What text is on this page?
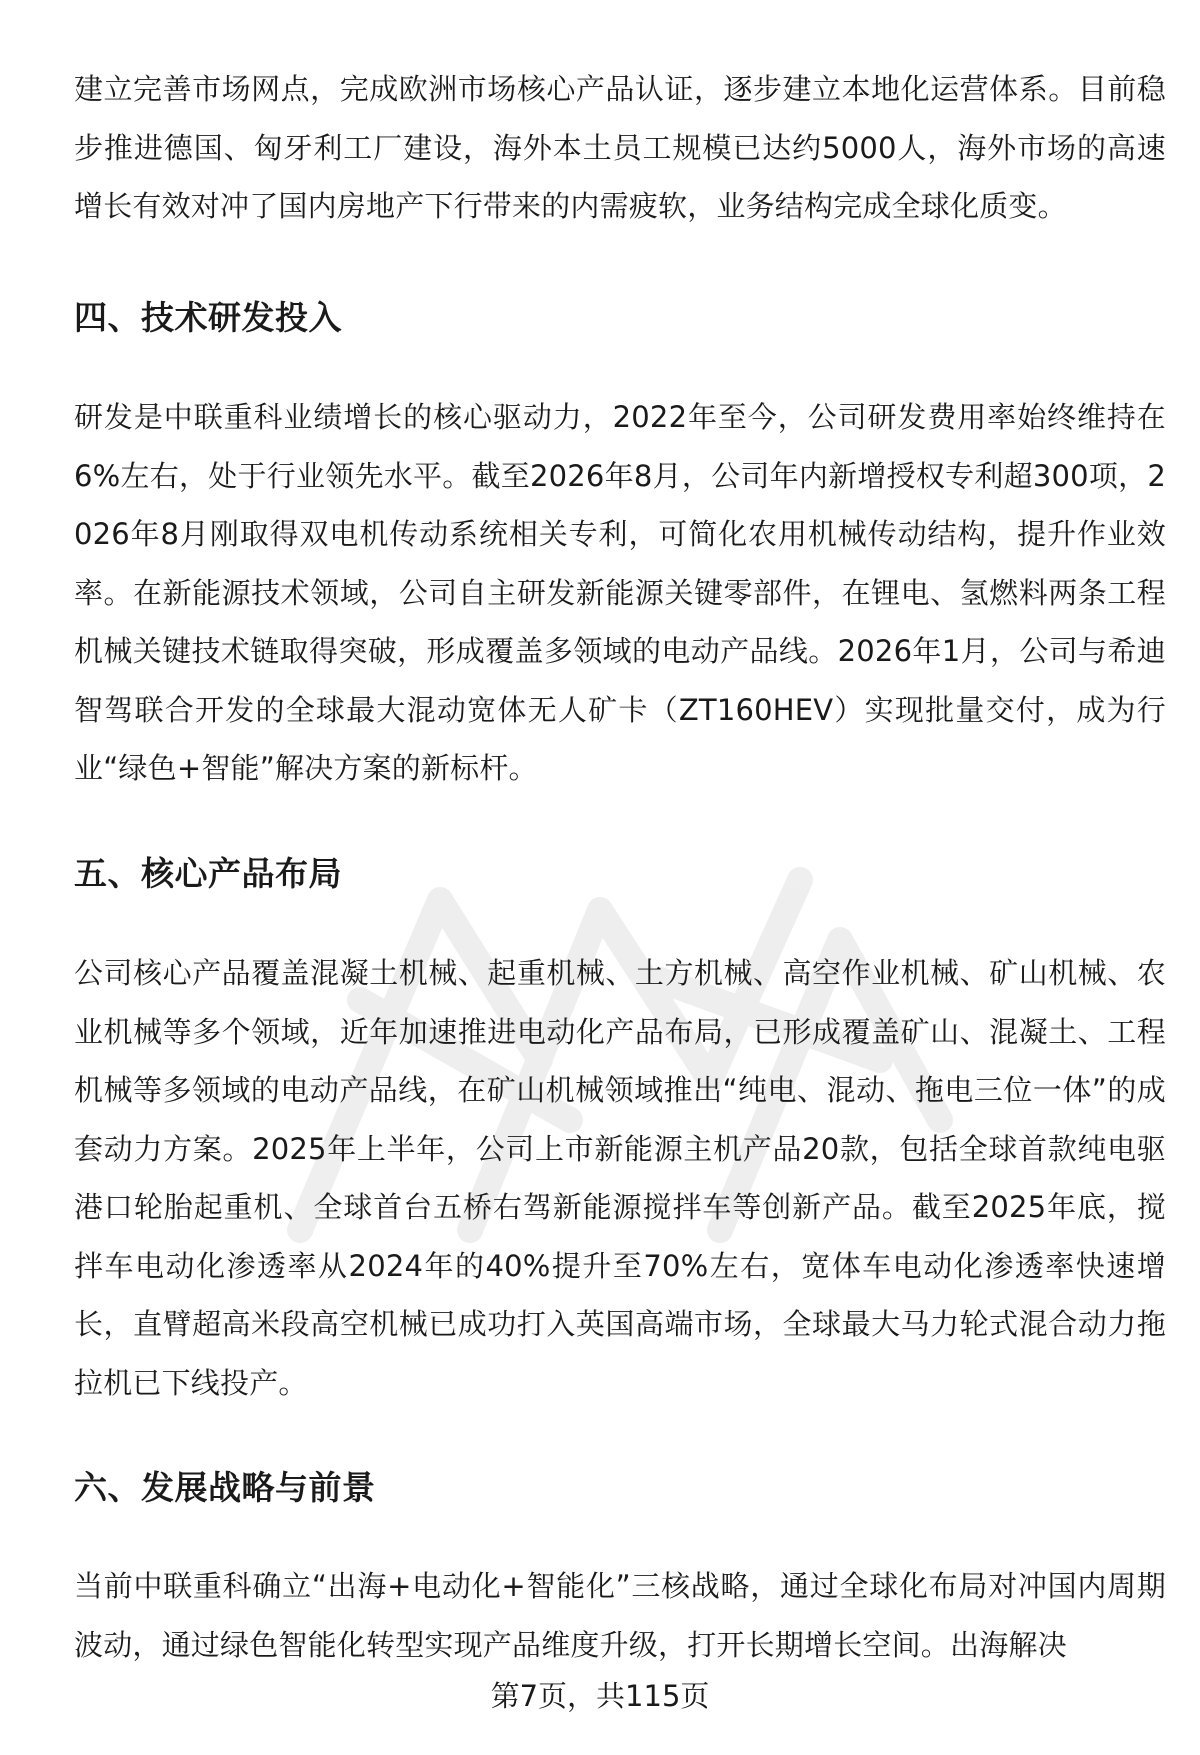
建立完善市场网点，完成欧洲市场核心产品认证，逐步建立本地化运营体系。目前稳步推进德国、匈牙利工厂建设，海外本土员工规模已达约5000人，海外市场的高速增长有效对冲了国内房地产下行带来的内需疲软，业务结构完成全球化质变。

四、技术研发投入

研发是中联重科业绩增长的核心驱动力，2022年至今，公司研发费用率始终维持在6%左右，处于行业领先水平。截至2026年8月，公司年内新增授权专利超300项，2026年8月刚取得双电机传动系统相关专利，可简化农用机械传动结构，提升作业效率。在新能源技术领域，公司自主研发新能源关键零部件，在锂电、氢燃料两条工程机械关键技术链取得突破，形成覆盖多领域的电动产品线。2026年1月，公司与希迪智驾联合开发的全球最大混动宽体无人矿卡（ZT160HEV）实现批量交付，成为行业“绿色+智能”解决方案的新标杆。

五、核心产品布局

公司核心产品覆盖混凝土机械、起重机械、土方机械、高空作业机械、矿山机械、农业机械等多个领域，近年加速推进电动化产品布局，已形成覆盖矿山、混凝土、工程机械等多领域的电动产品线，在矿山机械领域推出“纯电、混动、拖电三位一体”的成套动力方案。2025年上半年，公司上市新能源主机产品20款，包括全球首款纯电驱港口轮胎起重机、全球首台五桥右驾新能源搅拌车等创新产品。截至2025年底，搅拌车电动化渗透率从2024年的40%提升至70%左右，宽体车电动化渗透率快速增长，直臂超高米段高空机械已成功打入英国高端市场，全球最大马力轮式混合动力拖拉机已下线投产。

六、发展战略与前景

当前中联重科确立“出海+电动化+智能化”三核战略，通过全球化布局对冲国内周期波动，通过绿色智能化转型实现产品维度升级，打开长期增长空间。出海解决

第7页，共115页
